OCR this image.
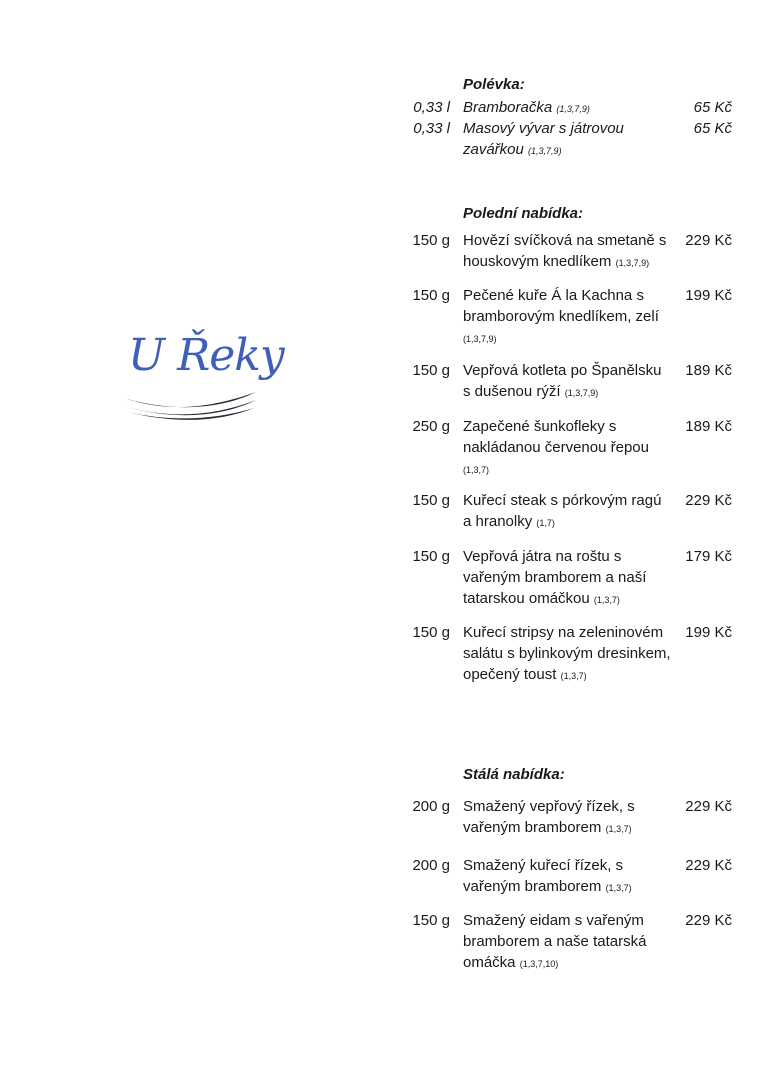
U Řeky
Polévka:
0,33 l Bramboračka (1,3,7,9)	65 Kč
0,33 l Masový vývar s játrovou zavářkou (1,3,7,9)
65 Kč
Polední nabídka:
150 g Hovězí svíčková na smetaně s houskovým knedlíkem (1,3,7,9)
229 Kč
150 g Pečené kuře Á la Kachna s bramborovým knedlíkem, zelí (1,3,7,9)
199 Kč
150 g Vepřová kotleta po Španělsku s dušenou rýží (1,3,7,9)
189 Kč
250 g Zapečené šunkofleky s nakládanou červenou řepou (1,3,7)
189 Kč
150 g Kuřecí steak s pórkovým ragú a hranolky (1,7)
229 Kč
150 g Vepřová játra na roštu s vařeným bramborem a naší tatarskou omáčkou (1,3,7)
179 Kč
150 g Kuřecí stripsy na zeleninovém salátu s bylinkovým dresinkem, opečený toust (1,3,7)
199 Kč
Stálá nabídka:
200 g Smažený vepřový řízek, s vařeným bramborem (1,3,7)
229 Kč
200 g Smažený kuřecí řízek, s vařeným bramborem (1,3,7)
229 Kč
150 g Smažený eidam s vařeným bramborem a naše tatarská omáčka (1,3,7,10)
229 Kč
